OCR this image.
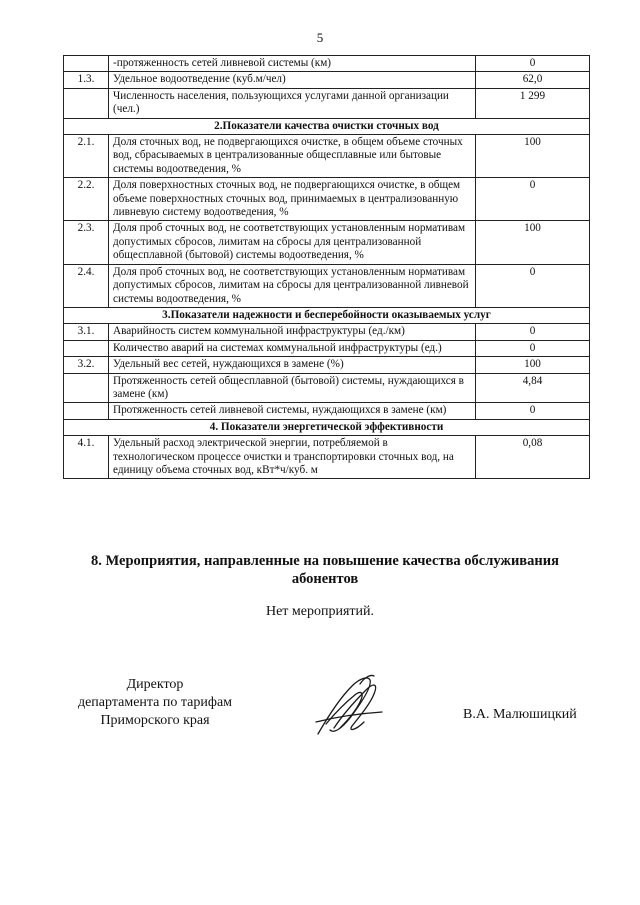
5
	-протяженность сетей ливневой системы (км)	0
1.3.	Удельное водоотведение (куб.м/чел)	62,0
	Численность населения, пользующихся услугами данной организации (чел.)	1 299
2.Показатели качества очистки сточных вод		
2.1.	Доля сточных вод, не подвергающихся очистке, в общем объеме сточных вод, сбрасываемых в централизованные общесплавные или бытовые системы водоотведения, %	100
2.2.	Доля поверхностных сточных вод, не подвергающихся очистке, в общем объеме поверхностных сточных вод, принимаемых в централизованную ливневую систему водоотведения, %	0
2.3.	Доля проб сточных вод, не соответствующих установленным нормативам допустимых сбросов, лимитам на сбросы для централизованной общесплавной (бытовой) системы водоотведения, %	100
2.4.	Доля проб сточных вод, не соответствующих установленным нормативам допустимых сбросов, лимитам на сбросы для централизованной ливневой системы водоотведения, %	0
3.Показатели надежности и бесперебойности оказываемых услуг		
3.1.	Аварийность систем коммунальной инфраструктуры (ед./км)	0
	Количество аварий на системах коммунальной инфраструктуры (ед.)	0
3.2.	Удельный вес сетей, нуждающихся в замене (%)	100
	Протяженность сетей общесплавной (бытовой) системы, нуждающихся в замене (км)	4,84
	Протяженность сетей ливневой системы, нуждающихся в замене (км)	0
4. Показатели энергетической эффективности		
4.1.	Удельный расход электрической энергии, потребляемой в технологическом процессе очистки и транспортировки сточных вод, на единицу объема сточных вод, кВт*ч/куб. м	0,08
8. Мероприятия, направленные на повышение качества обслуживания абонентов
Нет мероприятий.
Директор
департамента по тарифам
Приморского края	В.А. Малюшицкий
